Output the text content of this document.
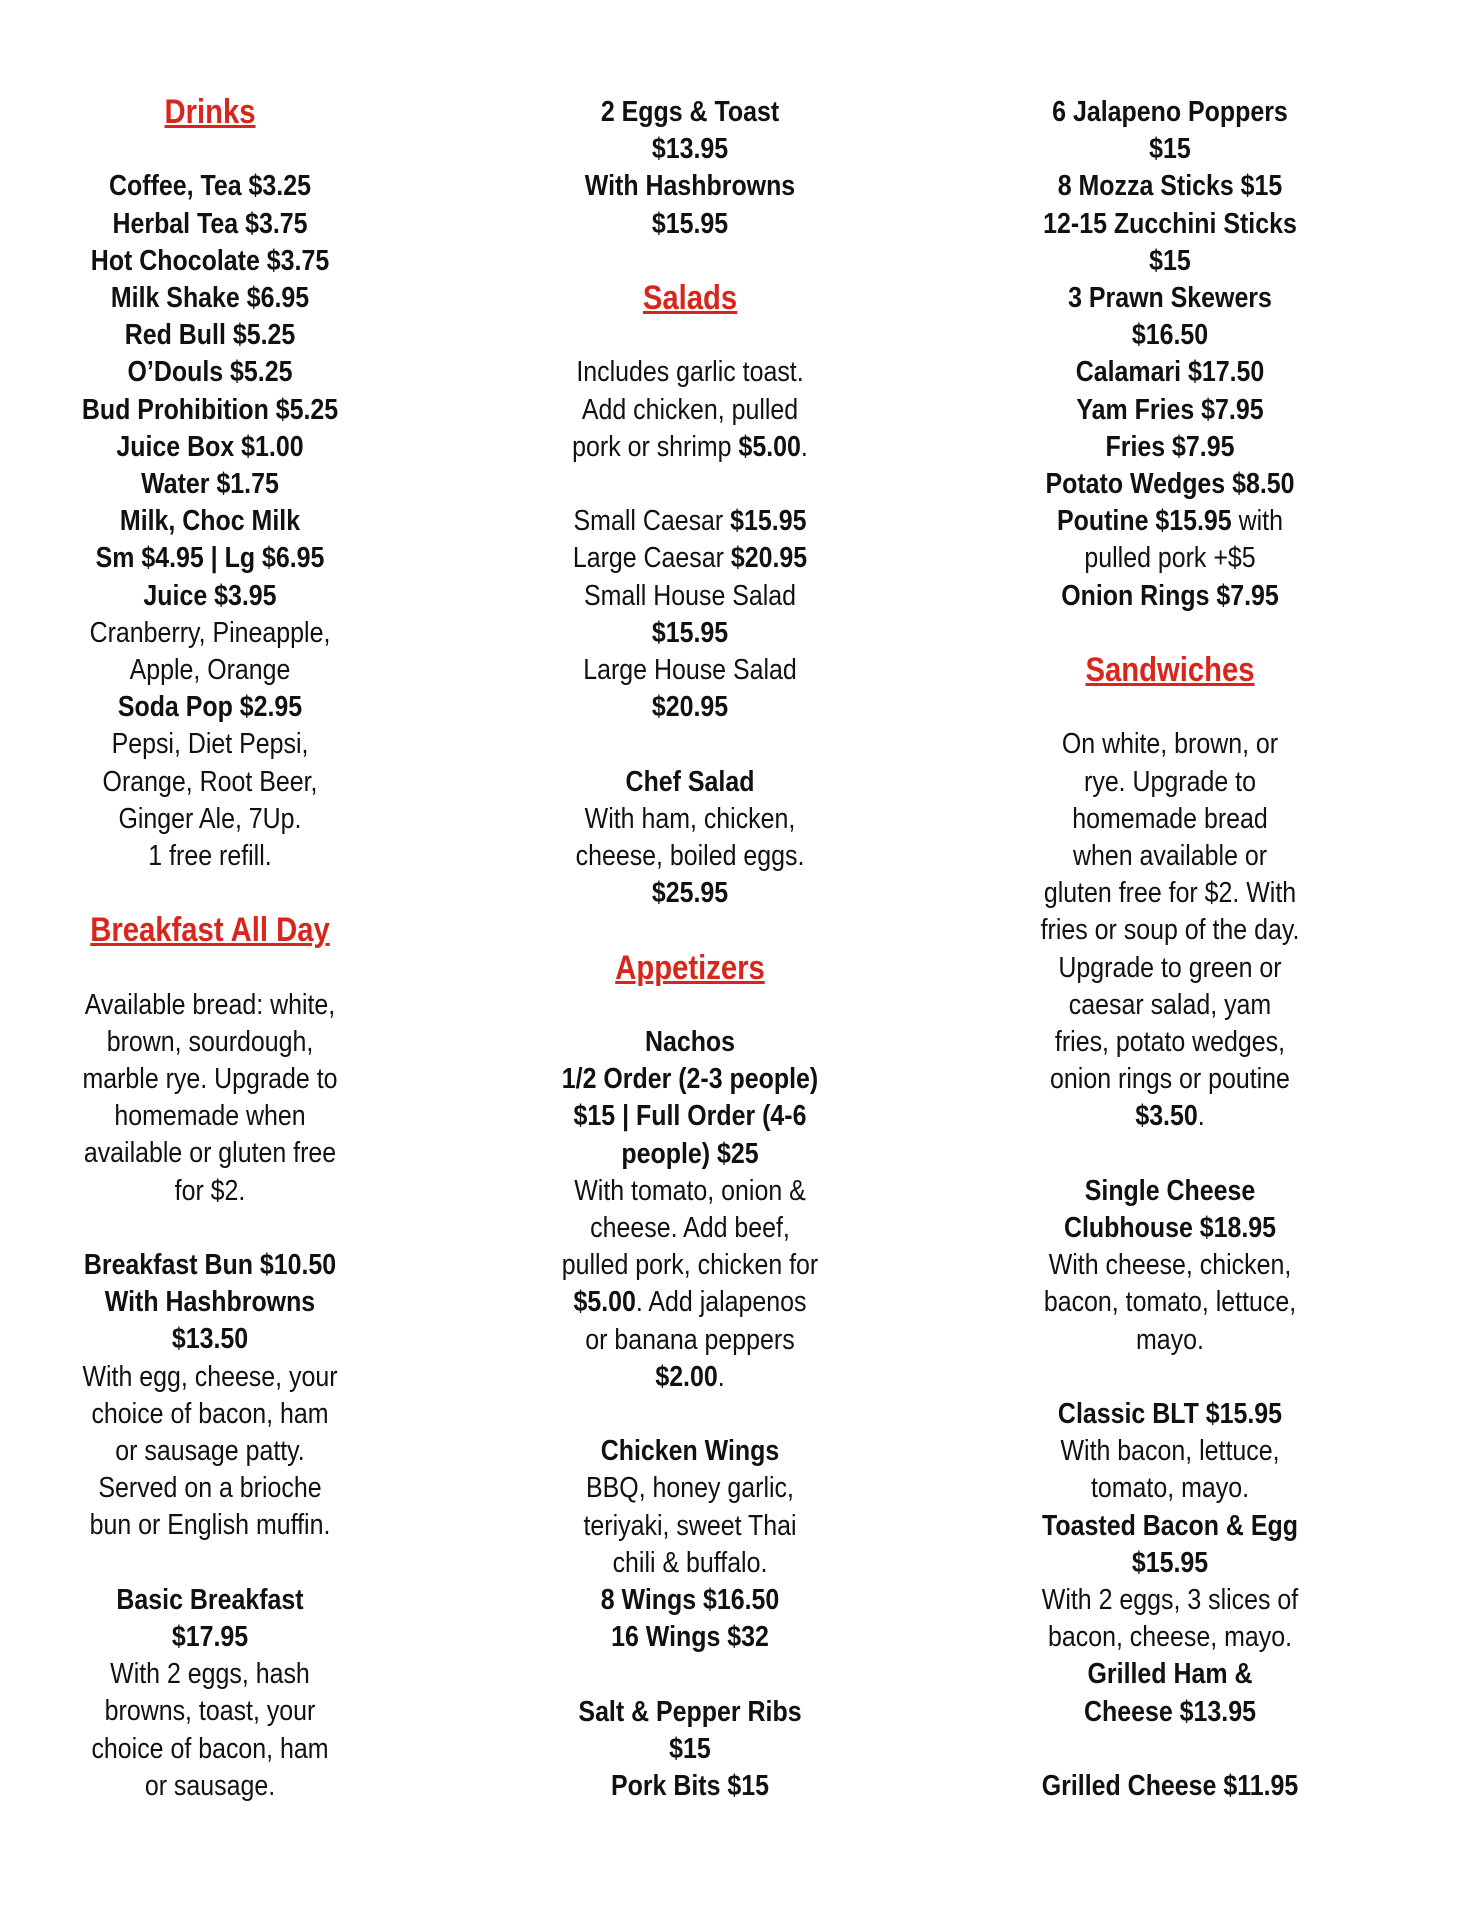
Drinks
Coffee, Tea $3.25
Herbal Tea $3.75
Hot Chocolate $3.75
Milk Shake $6.95
Red Bull $5.25
O’Douls $5.25
Bud Prohibition $5.25
Juice Box $1.00
Water $1.75
Milk, Choc Milk
Sm $4.95 | Lg $6.95
Juice $3.95
Cranberry, Pineapple,
Apple, Orange
Soda Pop $2.95
Pepsi, Diet Pepsi,
Orange, Root Beer,
Ginger Ale, 7Up.
1 free refill.
Breakfast All Day
Available bread: white,
brown, sourdough,
marble rye. Upgrade to
homemade when
available or gluten free
for $2.
Breakfast Bun $10.50
With Hashbrowns
$13.50
With egg, cheese, your
choice of bacon, ham
or sausage patty.
Served on a brioche
bun or English muffin.
Basic Breakfast
$17.95
With 2 eggs, hash
browns, toast, your
choice of bacon, ham
or sausage.
2 Eggs & Toast
$13.95
With Hashbrowns
$15.95
Salads
Includes garlic toast.
Add chicken, pulled
pork or shrimp $5.00.
Small Caesar $15.95
Large Caesar $20.95
Small House Salad
$15.95
Large House Salad
$20.95
Chef Salad
With ham, chicken,
cheese, boiled eggs.
$25.95
Appetizers
Nachos
1/2 Order (2-3 people)
$15 | Full Order (4-6
people) $25
With tomato, onion &
cheese. Add beef,
pulled pork, chicken for
$5.00. Add jalapenos
or banana peppers
$2.00.
Chicken Wings
BBQ, honey garlic,
teriyaki, sweet Thai
chili & buffalo.
8 Wings $16.50
16 Wings $32
Salt & Pepper Ribs
$15
Pork Bits $15
6 Jalapeno Poppers
$15
8 Mozza Sticks $15
12-15 Zucchini Sticks
$15
3 Prawn Skewers
$16.50
Calamari $17.50
Yam Fries $7.95
Fries $7.95
Potato Wedges $8.50
Poutine $15.95 with
pulled pork +$5
Onion Rings $7.95
Sandwiches
On white, brown, or
rye. Upgrade to
homemade bread
when available or
gluten free for $2. With
fries or soup of the day.
Upgrade to green or
caesar salad, yam
fries, potato wedges,
onion rings or poutine
$3.50.
Single Cheese
Clubhouse $18.95
With cheese, chicken,
bacon, tomato, lettuce,
mayo.
Classic BLT $15.95
With bacon, lettuce,
tomato, mayo.
Toasted Bacon & Egg
$15.95
With 2 eggs, 3 slices of
bacon, cheese, mayo.
Grilled Ham &
Cheese $13.95
Grilled Cheese $11.95
